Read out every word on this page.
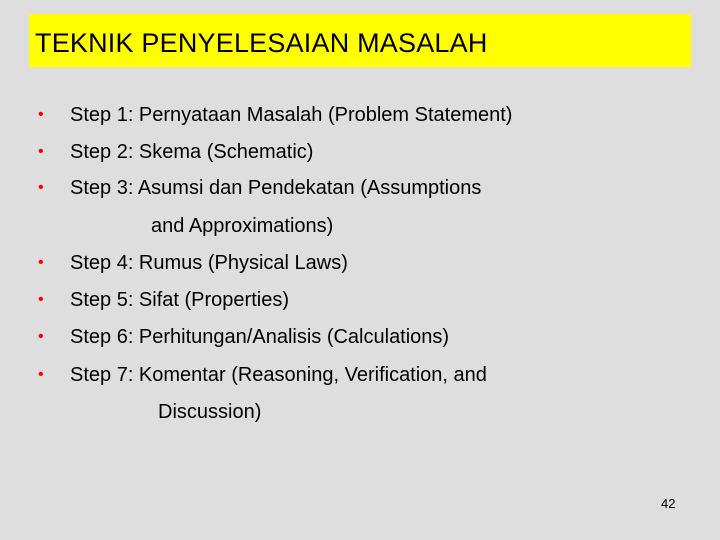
TEKNIK PENYELESAIAN MASALAH
• Step 1: Pernyataan Masalah (Problem Statement)
• Step 2: Skema (Schematic)
• Step 3: Asumsi dan Pendekatan (Assumptions
and Approximations)
• Step 4: Rumus (Physical Laws)
• Step 5: Sifat (Properties)
• Step 6: Perhitungan/Analisis (Calculations)
• Step 7: Komentar (Reasoning, Verification, and
Discussion)
42
